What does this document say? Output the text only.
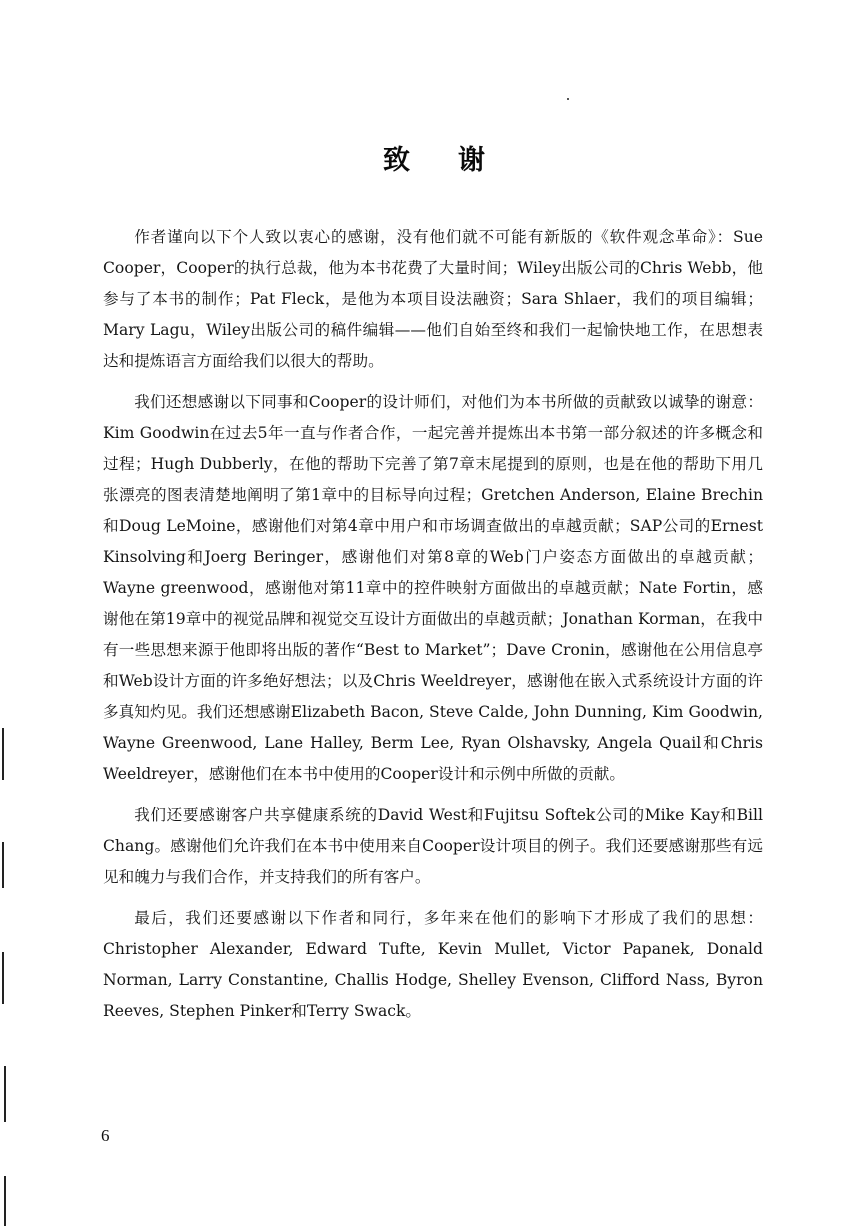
致谢

作者谨向以下个人致以衷心的感谢，没有他们就不可能有新版的《软件观念革命》：Sue Cooper，Cooper的执行总裁，他为本书花费了大量时间；Wiley出版公司的Chris Webb，他参与了本书的制作；Pat Fleck，是他为本项目设法融资；Sara Shlaer，我们的项目编辑；Mary Lagu，Wiley出版公司的稿件编辑——他们自始至终和我们一起愉快地工作，在思想表达和提炼语言方面给我们以很大的帮助。

我们还想感谢以下同事和Cooper的设计师们，对他们为本书所做的贡献致以诚挚的谢意：Kim Goodwin在过去5年一直与作者合作，一起完善并提炼出本书第一部分叙述的许多概念和过程；Hugh Dubberly，在他的帮助下完善了第7章末尾提到的原则，也是在他的帮助下用几张漂亮的图表清楚地阐明了第1章中的目标导向过程；Gretchen Anderson, Elaine Brechin和Doug LeMoine，感谢他们对第4章中用户和市场调查做出的卓越贡献；SAP公司的Ernest Kinsolving和Joerg Beringer，感谢他们对第8章的Web门户姿态方面做出的卓越贡献；Wayne greenwood，感谢他对第11章中的控件映射方面做出的卓越贡献；Nate Fortin，感谢他在第19章中的视觉品牌和视觉交互设计方面做出的卓越贡献；Jonathan Korman，在我中有一些思想来源于他即将出版的著作“Best to Market”；Dave Cronin，感谢他在公用信息亭和Web设计方面的许多绝好想法；以及Chris Weeldreyer，感谢他在嵌入式系统设计方面的许多真知灼见。我们还想感谢Elizabeth Bacon, Steve Calde, John Dunning, Kim Goodwin, Wayne Greenwood, Lane Halley, Berm Lee, Ryan Olshavsky, Angela Quail和Chris Weeldreyer，感谢他们在本书中使用的Cooper设计和示例中所做的贡献。

我们还要感谢客户共享健康系统的David West和Fujitsu Softek公司的Mike Kay和Bill Chang。感谢他们允许我们在本书中使用来自Cooper设计项目的例子。我们还要感谢那些有远见和魄力与我们合作，并支持我们的所有客户。

最后，我们还要感谢以下作者和同行，多年来在他们的影响下才形成了我们的思想：Christopher Alexander, Edward Tufte, Kevin Mullet, Victor Papanek, Donald Norman, Larry Constantine, Challis Hodge, Shelley Evenson, Clifford Nass, Byron Reeves, Stephen Pinker和Terry Swack。

6
